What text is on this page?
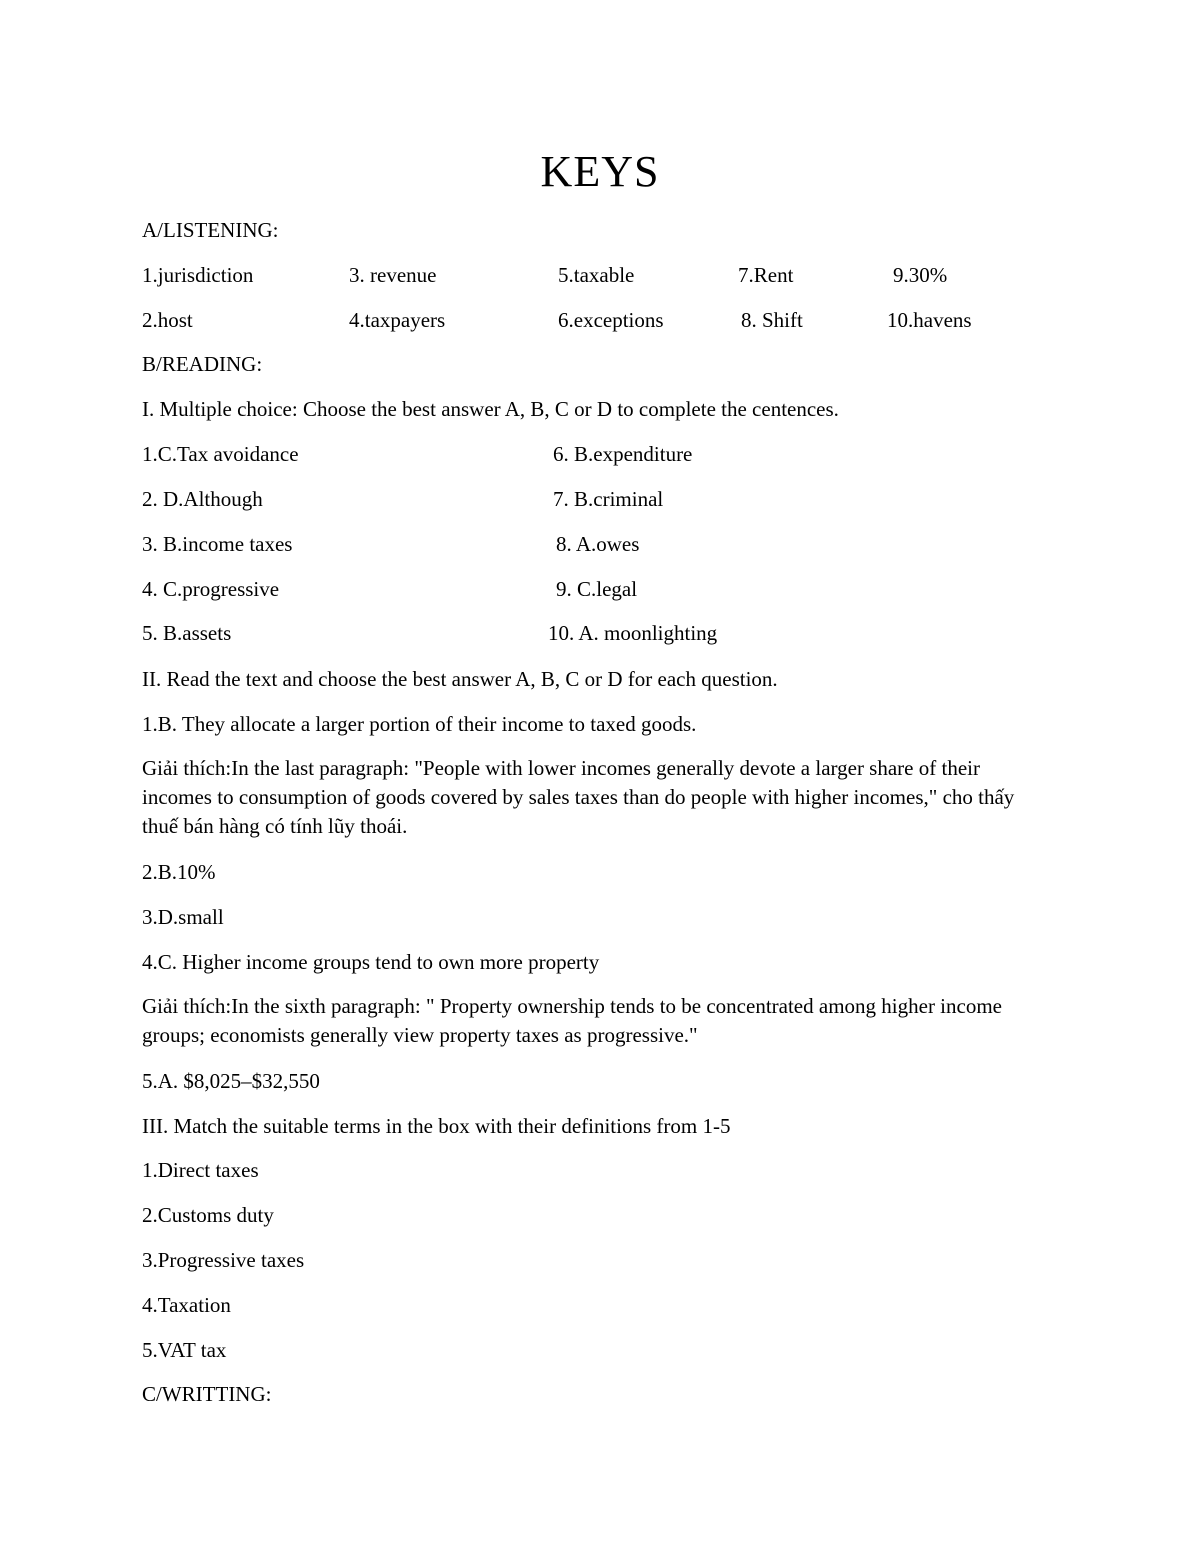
KEYS
A/LISTENING:
1.jurisdiction	3. revenue	5.taxable	7.Rent	9.30%
2.host	4.taxpayers	6.exceptions	8. Shift	10.havens
B/READING:
I. Multiple choice: Choose the best answer A, B, C or D to complete the centences.
1.C.Tax avoidance	6. B.expenditure
2. D.Although	7. B.criminal
3. B.income taxes	8. A.owes
4. C.progressive	9. C.legal
5. B.assets	10. A. moonlighting
II. Read the text and choose the best answer A, B, C or D for each question.
1.B. They allocate a larger portion of their income to taxed goods.
Giải thích:In the last paragraph: "People with lower incomes generally devote a larger share of their incomes to consumption of goods covered by sales taxes than do people with higher incomes," cho thấy thuế bán hàng có tính lũy thoái.
2.B.10%
3.D.small
4.C. Higher income groups tend to own more property
Giải thích:In the sixth paragraph: " Property ownership tends to be concentrated among higher income groups; economists generally view property taxes as progressive."
5.A. $8,025–$32,550
III. Match the suitable terms in the box with their definitions from 1-5
1.Direct taxes
2.Customs duty
3.Progressive taxes
4.Taxation
5.VAT tax
C/WRITTING:
